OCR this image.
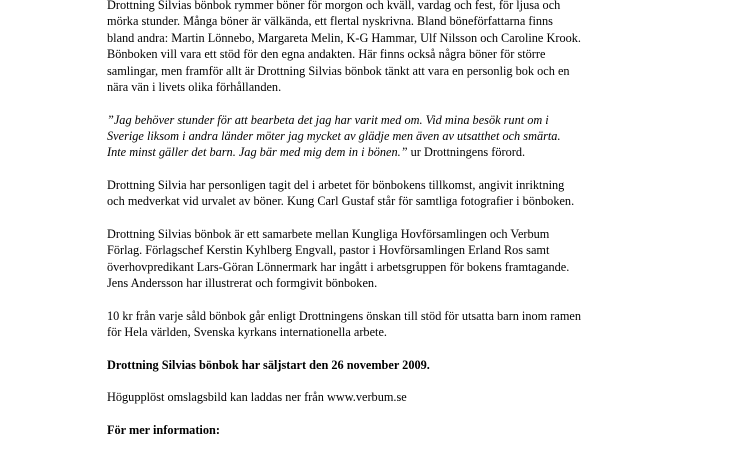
Drottning Silvias bönbok rymmer böner för morgon och kväll, vardag och fest, för ljusa och
mörka stunder. Många böner är välkända, ett flertal nyskrivna. Bland böneförfattarna finns
bland andra: Martin Lönnebo, Margareta Melin, K-G Hammar, Ulf Nilsson och Caroline Krook.
Bönboken vill vara ett stöd för den egna andakten. Här finns också några böner för större
samlingar, men framför allt är Drottning Silvias bönbok tänkt att vara en personlig bok och en
nära vän i livets olika förhållanden.

”Jag behöver stunder för att bearbeta det jag har varit med om. Vid mina besök runt om i
Sverige liksom i andra länder möter jag mycket av glädje men även av utsatthet och smärta.
Inte minst gäller det barn. Jag bär med mig dem in i bönen.” ur Drottningens förord.

Drottning Silvia har personligen tagit del i arbetet för bönbokens tillkomst, angivit inriktning
och medverkat vid urvalet av böner. Kung Carl Gustaf står för samtliga fotografier i bönboken.

Drottning Silvias bönbok är ett samarbete mellan Kungliga Hovförsamlingen och Verbum
Förlag. Förlagschef Kerstin Kyhlberg Engvall, pastor i Hovförsamlingen Erland Ros samt
överhovpredikant Lars-Göran Lönnermark har ingått i arbetsgruppen för bokens framtagande.
Jens Andersson har illustrerat och formgivit bönboken.

10 kr från varje såld bönbok går enligt Drottningens önskan till stöd för utsatta barn inom ramen
för Hela världen, Svenska kyrkans internationella arbete.

Drottning Silvias bönbok har säljstart den 26 november 2009.

Högupplöst omslagsbild kan laddas ner från www.verbum.se

För mer information:
